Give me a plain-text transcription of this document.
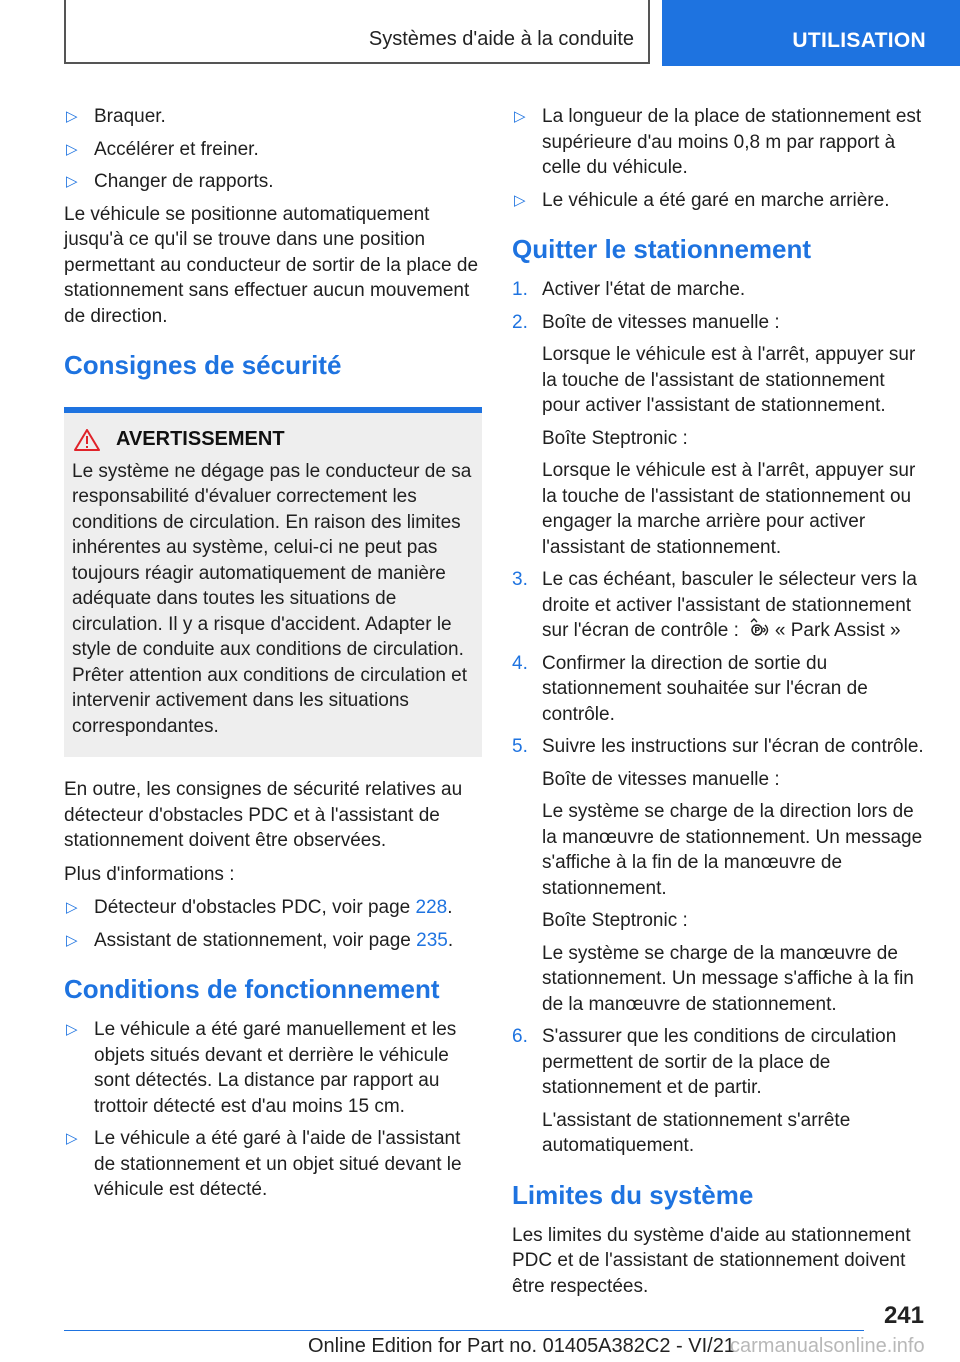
Systèmes d'aide à la conduite	UTILISATION
▷ Braquer.
▷ Accélérer et freiner.
▷ Changer de rapports.

Le véhicule se positionne automatiquement jusqu'à ce qu'il se trouve dans une position permettant au conducteur de sortir de la place de stationnement sans effectuer aucun mouvement de direction.

Consignes de sécurité
AVERTISSEMENT
Le système ne dégage pas le conducteur de sa responsabilité d'évaluer correctement les conditions de circulation. En raison des limites inhérentes au système, celui-ci ne peut pas toujours réagir automatiquement de manière adéquate dans toutes les situations de circulation. Il y a risque d'accident. Adapter le style de conduite aux conditions de circulation. Prêter attention aux conditions de circulation et intervenir activement dans les situations correspondantes.

En outre, les consignes de sécurité relatives au détecteur d'obstacles PDC et à l'assistant de stationnement doivent être observées.

Plus d'informations :

▷ Détecteur d'obstacles PDC, voir page 228.
▷ Assistant de stationnement, voir page 235.
Conditions de fonctionnement
▷ Le véhicule a été garé manuellement et les objets situés devant et derrière le véhicule sont détectés. La distance par rapport au trottoir détecté est d'au moins 15 cm.
▷ Le véhicule a été garé à l'aide de l'assistant de stationnement et un objet situé devant le véhicule est détecté.
▷ La longueur de la place de stationnement est supérieure d'au moins 0,8 m par rapport à celle du véhicule.
▷ Le véhicule a été garé en marche arrière.
Quitter le stationnement
1. Activer l'état de marche.
2. Boîte de vitesses manuelle :
Lorsque le véhicule est à l'arrêt, appuyer sur la touche de l'assistant de stationnement pour activer l'assistant de stationnement.
Boîte Steptronic :
Lorsque le véhicule est à l'arrêt, appuyer sur la touche de l'assistant de stationnement ou engager la marche arrière pour activer l'assistant de stationnement.
3. Le cas échéant, basculer le sélecteur vers la droite et activer l'assistant de stationnement sur l'écran de contrôle : P « Park Assist »
4. Confirmer la direction de sortie du stationnement souhaitée sur l'écran de contrôle.
5. Suivre les instructions sur l'écran de contrôle.
Boîte de vitesses manuelle :
Le système se charge de la direction lors de la manœuvre de stationnement. Un message s'affiche à la fin de la manœuvre de stationnement.
Boîte Steptronic :
Le système se charge de la manœuvre de stationnement. Un message s'affiche à la fin de la manœuvre de stationnement.
6. S'assurer que les conditions de circulation permettent de sortir de la place de stationnement et de partir.
L'assistant de stationnement s'arrête automatiquement.
Limites du système

Les limites du système d'aide au stationnement PDC et de l'assistant de stationnement doivent être respectées.

241
Online Edition for Part no. 01405A382C2 - VI/21
carmanualsonline.info
